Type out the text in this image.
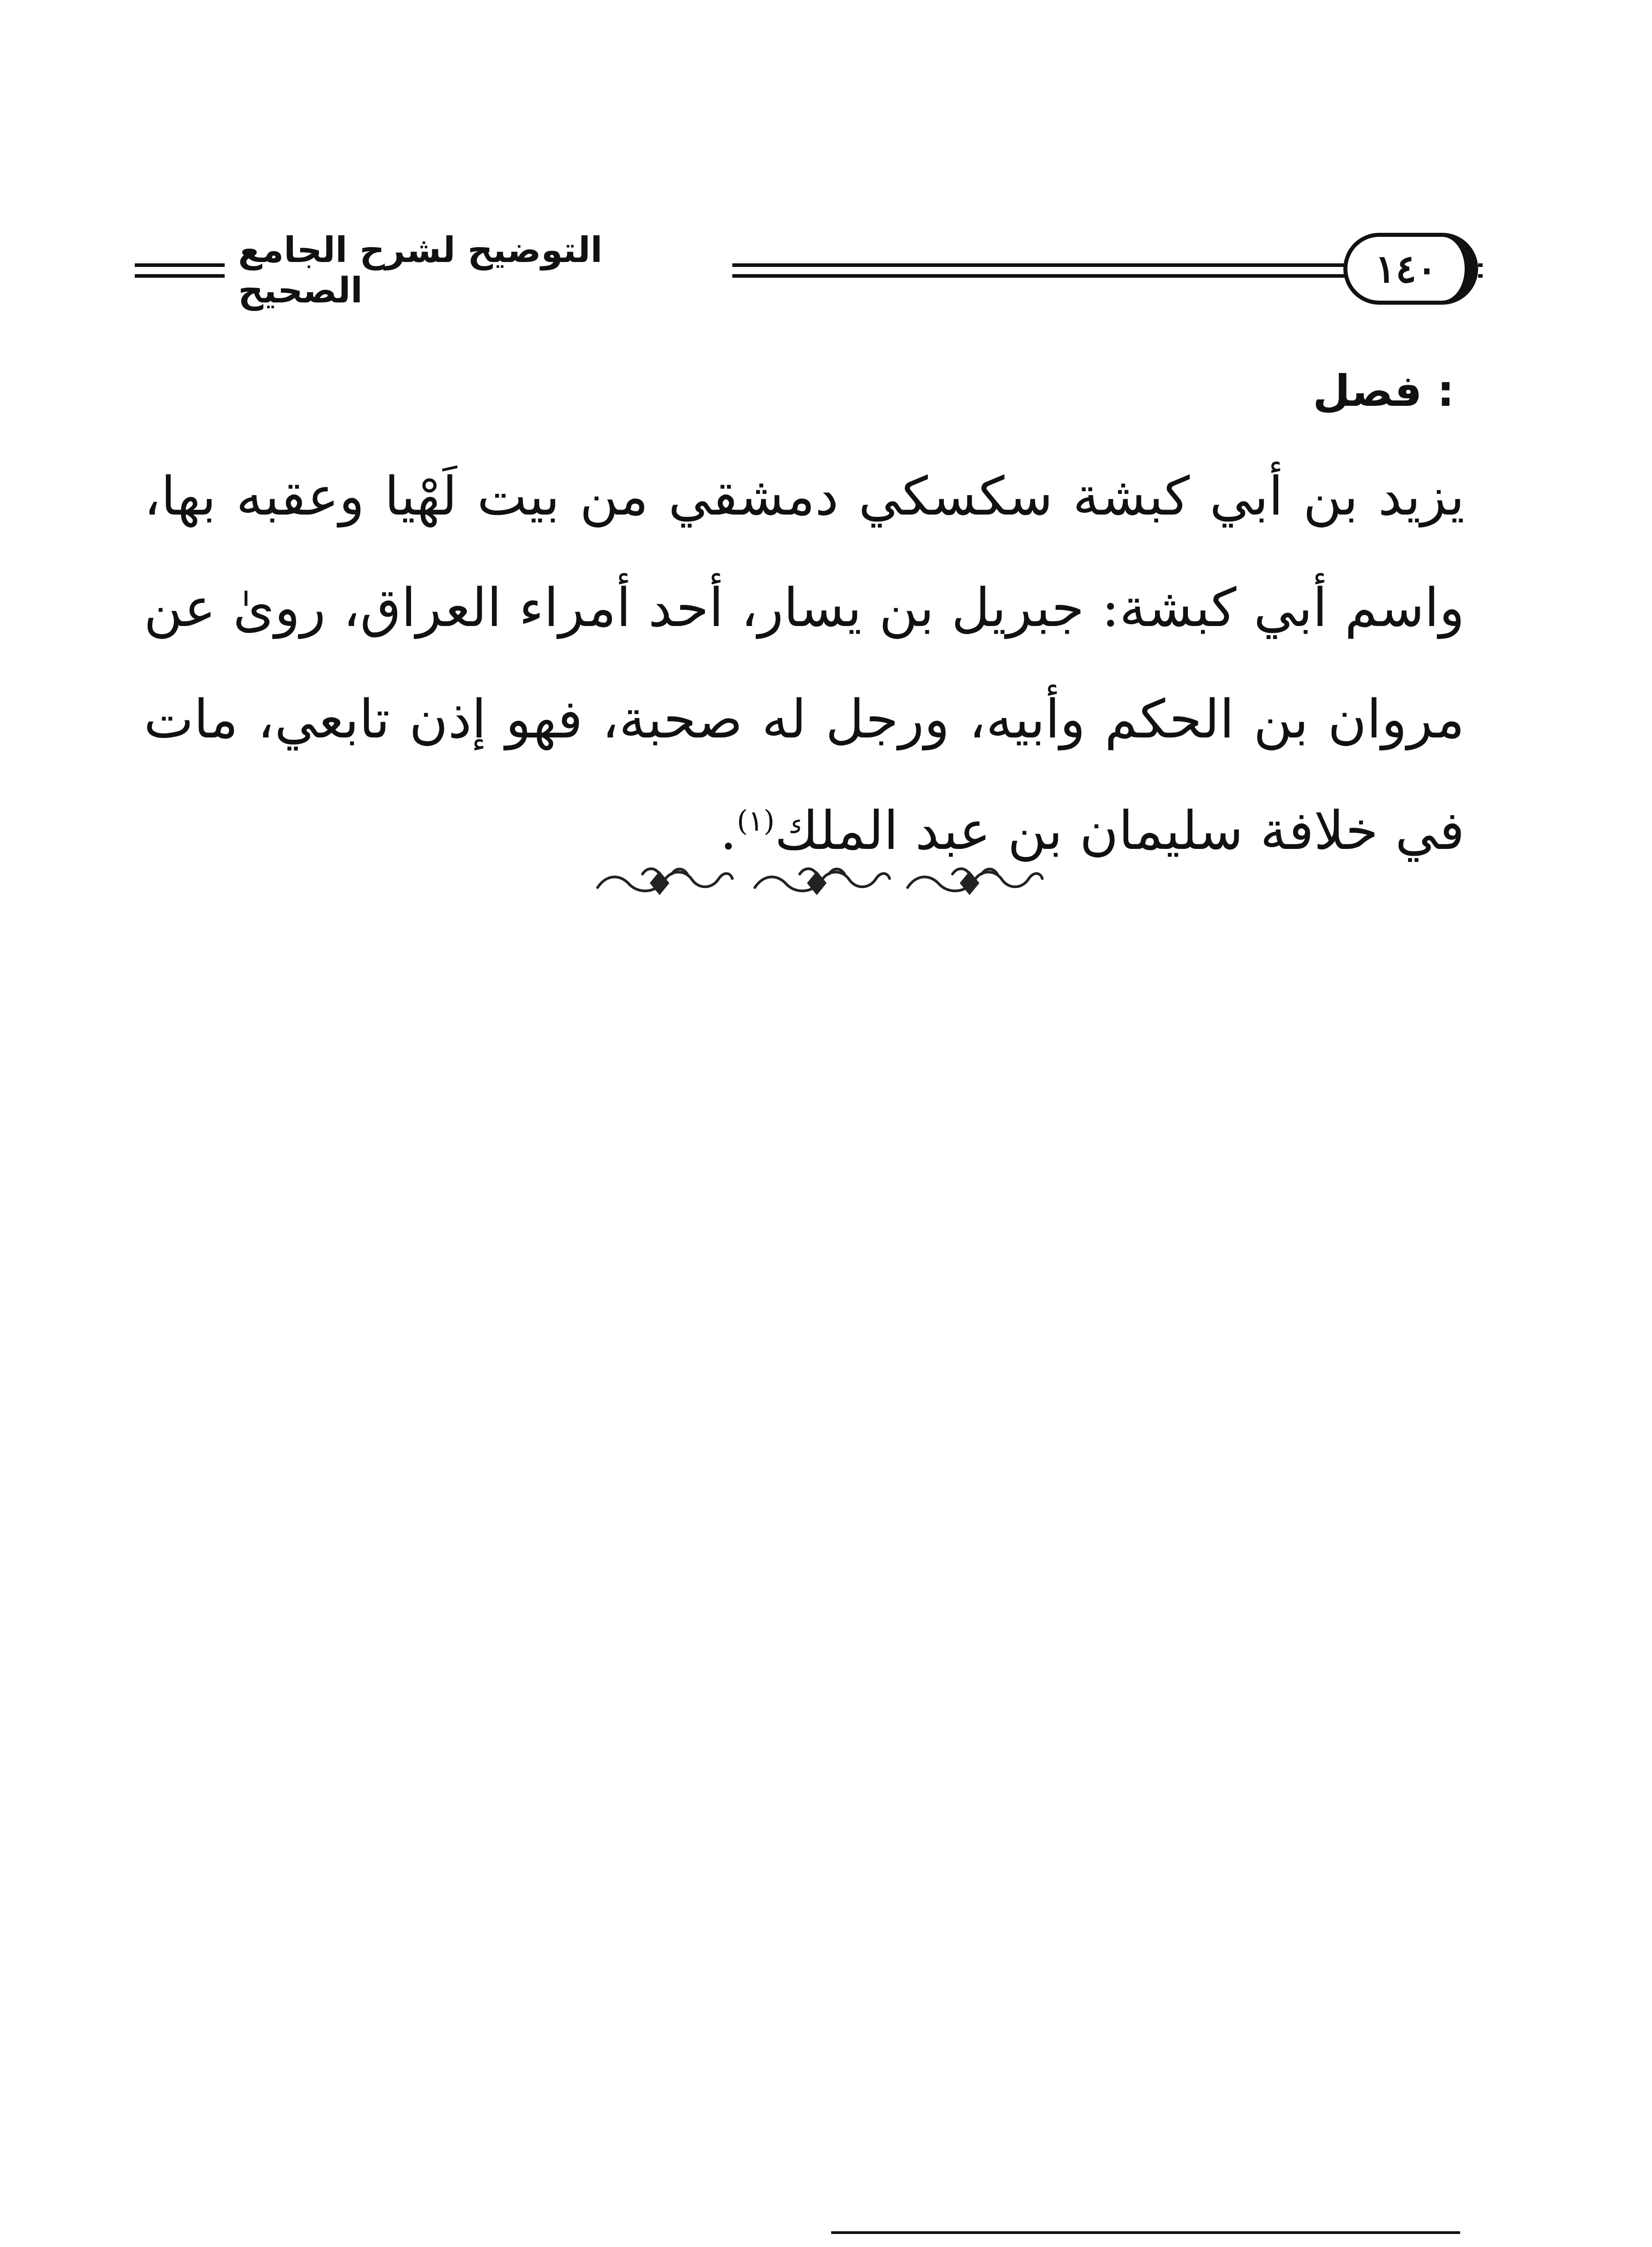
التوضيح لشرح الجامع الصحيح	١٤٠
فصل :
يزيد بن أبي كبشة سكسكي دمشقي من بيت لَهْيا وعقبه بها، واسم أبي كبشة: جبريل بن يسار، أحد أمراء العراق، روىٰ عن مروان بن الحكم وأبيه، ورجل له صحبة، فهو إذن تابعي، مات في خلافة سليمان بن عبد الملك$^{(١)}$.
